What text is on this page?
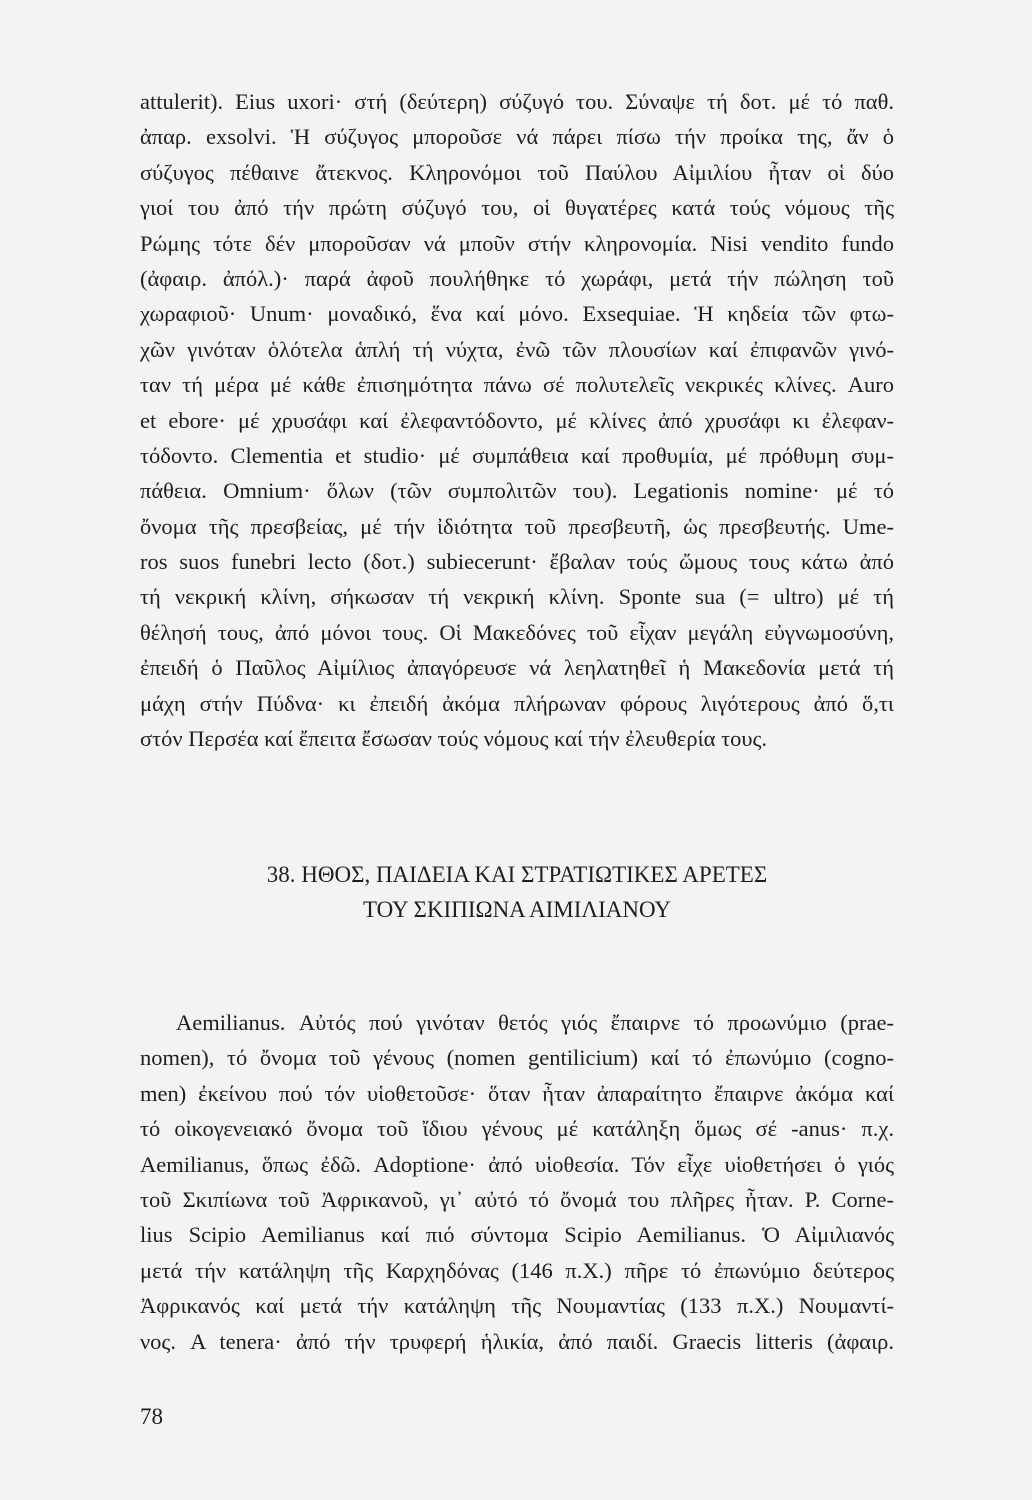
attulerit). Eius uxori· στή (δεύτερη) σύζυγό του. Σύναψε τή δοτ. μέ τό παθ.
ἀπαρ. exsolvi. Ἡ σύζυγος μποροῦσε νά πάρει πίσω τήν προίκα της, ἄν ὁ
σύζυγος πέθαινε ἄτεκνος. Κληρονόμοι τοῦ Παύλου Αἰμιλίου ἦταν οἱ δύο
γιοί του ἀπό τήν πρώτη σύζυγό του, οἱ θυγατέρες κατά τούς νόμους τῆς
Ρώμης τότε δέν μποροῦσαν νά μποῦν στήν κληρονομία. Nisi vendito fundo
(ἀφαιρ. ἀπόλ.)· παρά ἀφοῦ πουλήθηκε τό χωράφι, μετά τήν πώληση τοῦ
χωραφιοῦ· Unum· μοναδικό, ἕνα καί μόνο. Exsequiae. Ἡ κηδεία τῶν φτω-
χῶν γινόταν ὁλότελα ἁπλή τή νύχτα, ἐνῶ τῶν πλουσίων καί ἐπιφανῶν γινό-
ταν τή μέρα μέ κάθε ἐπισημότητα πάνω σέ πολυτελεῖς νεκρικές κλίνες. Auro
et ebore· μέ χρυσάφι καί ἐλεφαντόδοντο, μέ κλίνες ἀπό χρυσάφι κι ἐλεφαν-
τόδοντο. Clementia et studio· μέ συμπάθεια καί προθυμία, μέ πρόθυμη συμ-
πάθεια. Omnium· ὅλων (τῶν συμπολιτῶν του). Legationis nomine· μέ τό
ὄνομα τῆς πρεσβείας, μέ τήν ἰδιότητα τοῦ πρεσβευτῆ, ὡς πρεσβευτής. Ume-
ros suos funebri lecto (δοτ.) subiecerunt· ἔβαλαν τούς ὤμους τους κάτω ἀπό
τή νεκρική κλίνη, σήκωσαν τή νεκρική κλίνη. Sponte sua (= ultro) μέ τή
θέλησή τους, ἀπό μόνοι τους. Οἱ Μακεδόνες τοῦ εἶχαν μεγάλη εὐγνωμοσύνη,
ἐπειδή ὁ Παῦλος Αἰμίλιος ἀπαγόρευσε νά λεηλατηθεῖ ἡ Μακεδονία μετά τή
μάχη στήν Πύδνα· κι ἐπειδή ἀκόμα πλήρωναν φόρους λιγότερους ἀπό ὅ,τι
στόν Περσέα καί ἔπειτα ἔσωσαν τούς νόμους καί τήν ἐλευθερία τους.
38. ΗΘΟΣ, ΠΑΙΔΕΙΑ ΚΑΙ ΣΤΡΑΤΙΩΤΙΚΕΣ ΑΡΕΤΕΣ
ΤΟΥ ΣΚΙΠΙΩΝΑ ΑΙΜΙΛΙΑΝΟΥ
Aemilianus. Αὐτός πού γινόταν θετός γιός ἔπαιρνε τό προωνύμιο (prae-
nomen), τό ὄνομα τοῦ γένους (nomen gentilicium) καί τό ἐπωνύμιο (cogno-
men) ἐκείνου πού τόν υἱοθετοῦσε· ὅταν ἦταν ἀπαραίτητο ἔπαιρνε ἀκόμα καί
τό οἰκογενειακό ὄνομα τοῦ ἴδιου γένους μέ κατάληξη ὅμως σέ -anus· π.χ.
Aemilianus, ὅπως ἐδῶ. Adoptione· ἀπό υἱοθεσία. Τόν εἶχε υἱοθετήσει ὁ γιός
τοῦ Σκιπίωνα τοῦ Ἀφρικανοῦ, γι᾽ αὐτό τό ὄνομά του πλῆρες ἦταν. P. Corne-
lius Scipio Aemilianus καί πιό σύντομα Scipio Aemilianus. Ὁ Αἰμιλιανός
μετά τήν κατάληψη τῆς Καρχηδόνας (146 π.Χ.) πῆρε τό ἐπωνύμιο δεύτερος
Ἀφρικανός καί μετά τήν κατάληψη τῆς Νουμαντίας (133 π.Χ.) Νουμαντί-
νος. A tenera· ἀπό τήν τρυφερή ἡλικία, ἀπό παιδί. Graecis litteris (ἀφαιρ.
78
